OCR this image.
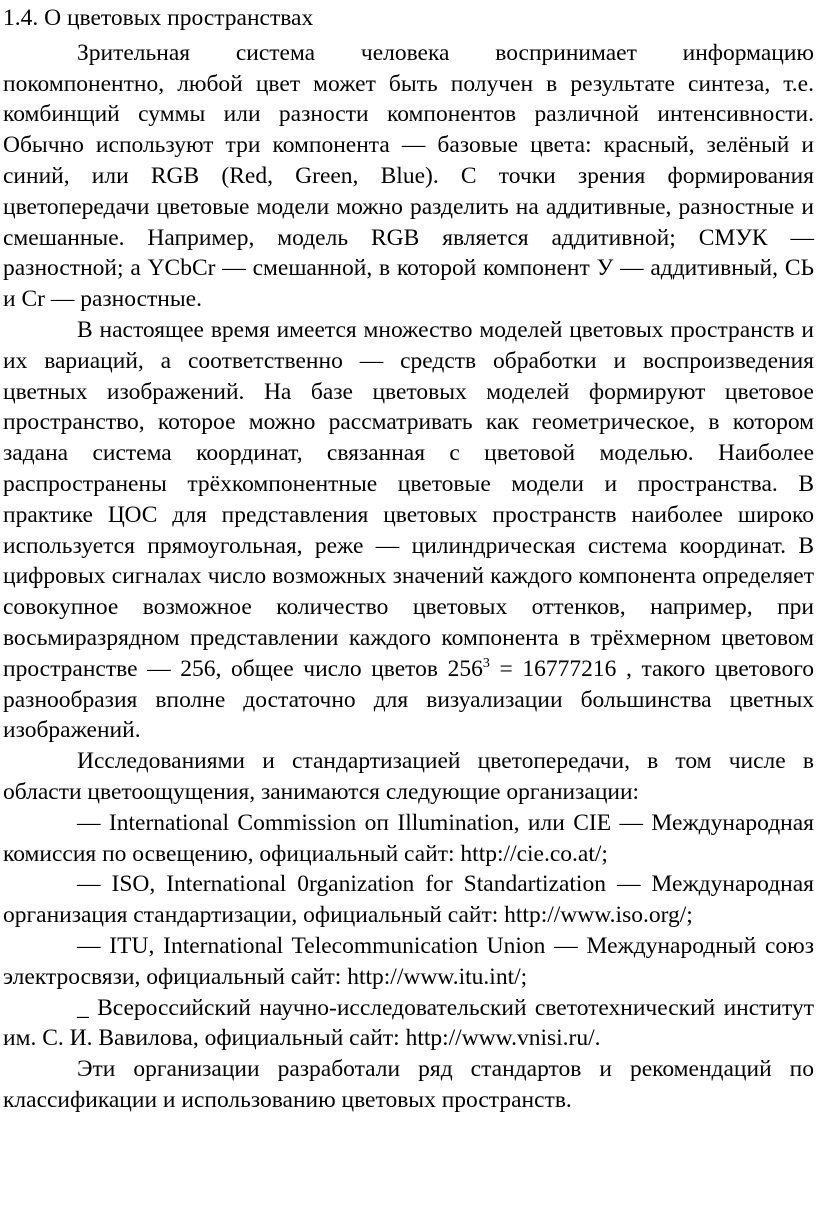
1.4. О цветовых пространствах

Зрительная система человека воспринимает информацию покомпонентно, любой цвет может быть получен в результате синтеза, т.е. комбинщий суммы или разности компонентов различной интенсивности. Обычно используют три компонента — базовые цвета: красный, зелёный и синий, или RGB (Red, Green, Blue). С точки зрения формирования цветопередачи цветовые модели можно разделить на аддитивные, разностные и смешанные. Например, модель RGB является аддитивной; СМУК — разностной; а YCbCr — смешанной, в которой компонент У — аддитивный, СЬ и Cr — разностные.

В настоящее время имеется множество моделей цветовых пространств и их вариаций, а соответственно — средств обработки и воспроизведения цветных изображений. На базе цветовых моделей формируют цветовое пространство, которое можно рассматривать как геометрическое, в котором задана система координат, связанная с цветовой моделью. Наиболее распространены трёхкомпонентные цветовые модели и пространства. В практике ЦОС для представления цветовых пространств наиболее широко используется прямоугольная, реже — цилиндрическая система координат. В цифровых сигналах число возможных значений каждого компонента определяет совокупное возможное количество цветовых оттенков, например, при восьмиразрядном представлении каждого компонента в трёхмерном цветовом пространстве — 256, общее число цветов $256^3 = 16777216$ , такого цветового разнообразия вполне достаточно для визуализации большинства цветных изображений.

Исследованиями и стандартизацией цветопередачи, в том числе в области цветоощущения, занимаются следующие организации:

— International Commission оп Illumination, или CIE — Международная комиссия по освещению, официальный сайт: http://cie.co.at/;

— ISO, International 0rganization for Standartization — Международная организация стандартизации, официальный сайт: http://www.iso.org/;

— ITU, International Telecommunication Union — Международный союз электросвязи, официальный сайт: http://www.itu.int/;

_ Всероссийский научно-исследовательский светотехнический институт им. С. И. Вавилова, официальный сайт: http://www.vnisi.ru/.

Эти организации разработали ряд стандартов и рекомендаций по классификации и использованию цветовых пространств.
